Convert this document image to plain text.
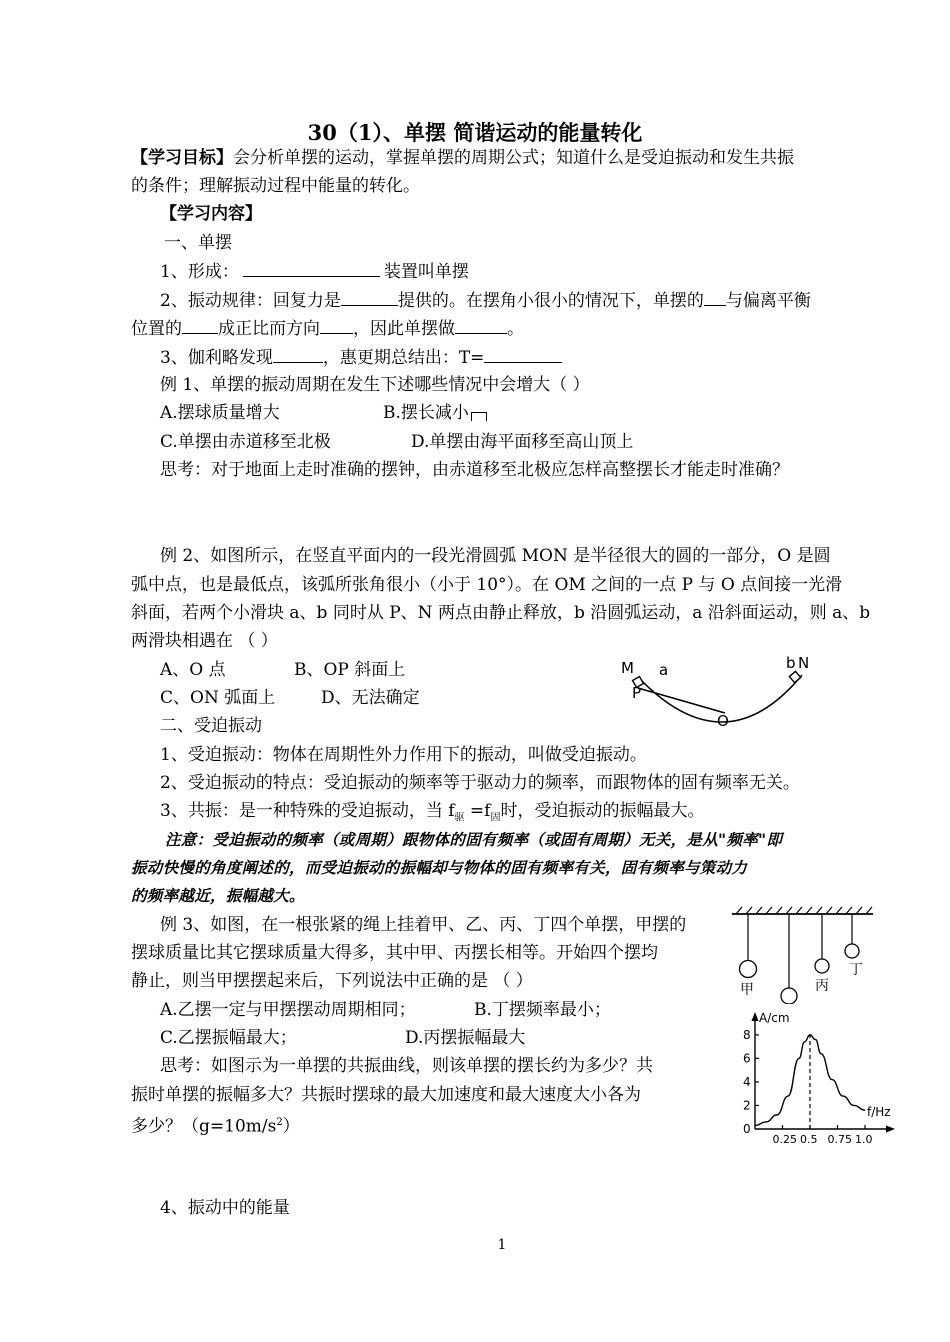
30（1）、单摆 简谐运动的能量转化
【学习目标】会分析单摆的运动，掌握单摆的周期公式；知道什么是受迫振动和发生共振
的条件；理解振动过程中能量的转化。
【学习内容】
一、单摆
1、形成：	装置叫单摆
2、振动规律：回复力是	提供的。在摆角小很小的情况下，单摆的 与偏离平衡
位置的 成正比而方向 ，因此单摆做	。
3、伽利略发现	，惠更期总结出：T=
例 1、单摆的振动周期在发生下述哪些情况中会增大（ ）
A.摆球质量增大	B.摆长减小
C.单摆由赤道移至北极	D.单摆由海平面移至高山顶上
思考：对于地面上走时准确的摆钟，由赤道移至北极应怎样高整摆长才能走时准确？
例 2、如图所示，在竖直平面内的一段光滑圆弧 MON 是半径很大的圆的一部分，O 是圆
弧中点，也是最低点，该弧所张角很小（小于 10°）。在 OM 之间的一点 P 与 O 点间接一光滑
斜面，若两个小滑块 a、b 同时从 P、N 两点由静止释放，b 沿圆弧运动，a 沿斜面运动，则 a、b
两滑块相遇在 （ ）
A、O 点	B、OP 斜面上
C、ON 弧面上	D、无法确定
M a
P
b N
O
二、受迫振动
1、受迫振动：物体在周期性外力作用下的振动，叫做受迫振动。
2、受迫振动的特点：受迫振动的频率等于驱动力的频率，而跟物体的固有频率无关。
3、共振：是一种特殊的受迫振动，当 $f_驱 =f_固$时，受迫振动的振幅最大。
注意：受迫振动的频率（或周期）跟物体的固有频率（或固有周期）无关，是从"频率"即
振动快慢的角度阐述的，而受迫振动的振幅却与物体的固有频率有关，固有频率与策动力
的频率越近，振幅越大。
例 3、如图，在一根张紧的绳上挂着甲、乙、丙、丁四个单摆，甲摆的
摆球质量比其它摆球质量大得多，其中甲、丙摆长相等。开始四个摆均
静止，则当甲摆摆起来后，下列说法中正确的是 （ ）
A.乙摆一定与甲摆摆动周期相同；	B.丁摆频率最小；
C.乙摆振幅最大；	D.丙摆振幅最大
甲	丙
丁
思考：如图示为一单摆的共振曲线，则该单摆的摆长约为多少？共
振时单摆的振幅多大？共振时摆球的最大加速度和最大速度大小各为
多少？$(g=10m/s^2)$
A/cm
f/Hz
0
2
4
6
8
0.25 0.5 0.75 1.0
4、振动中的能量
1
